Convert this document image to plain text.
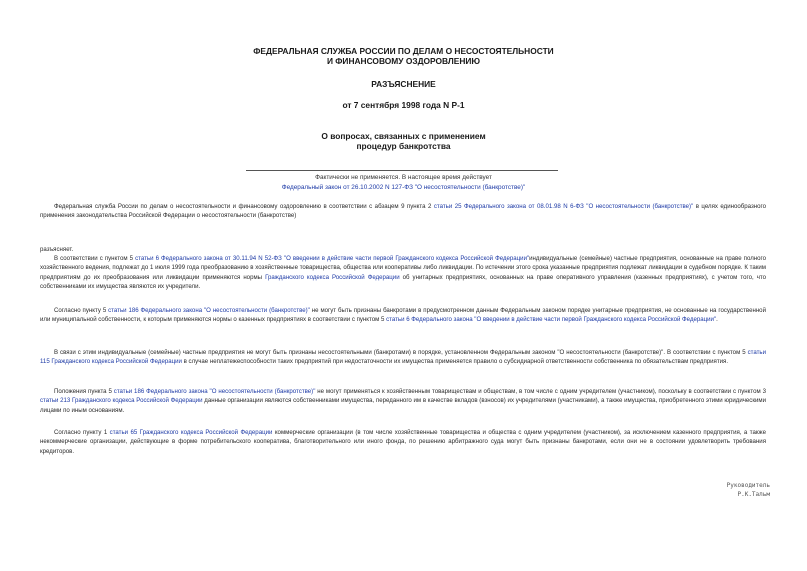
ФЕДЕРАЛЬНАЯ СЛУЖБА РОССИИ ПО ДЕЛАМ О НЕСОСТОЯТЕЛЬНОСТИ
И ФИНАНСОВОМУ ОЗДОРОВЛЕНИЮ
РАЗЪЯСНЕНИЕ
от 7 сентября 1998 года N Р-1
О вопросах, связанных с применением
процедур банкротства
Фактически не применяется. В настоящее время действует
Федеральный закон от 26.10.2002 N 127-ФЗ "О несостоятельности (банкротстве)"

Федеральная служба России по делам о несостоятельности и финансовому оздоровлению в соответствии с абзацем 9 пункта 2 статьи 25 Федерального закона от 08.01.98 N 6-ФЗ "О несостоятельности (банкротстве)" в целях единообразного применения законодательства Российской Федерации о несостоятельности (банкротстве)

разъясняет.

В соответствии с пунктом 5 статьи 6 Федерального закона от 30.11.94 N 52-ФЗ "О введении в действие части первой Гражданского кодекса Российской Федерации"индивидуальные (семейные) частные предприятия, основанные на праве полного хозяйственного ведения, подлежат до 1 июля 1999 года преобразованию в хозяйственные товарищества, общества или кооперативы либо ликвидации. По истечении этого срока указанные предприятия подлежат ликвидации в судебном порядке. К таким предприятиям до их преобразования или ликвидации применяются нормы Гражданского кодекса Российской Федерации об унитарных предприятиях, основанных на праве оперативного управления (казенных предприятиях), с учетом того, что собственниками их имущества являются их учредители.

Согласно пункту 5 статьи 186 Федерального закона "О несостоятельности (банкротстве)" не могут быть признаны банкротами в предусмотренном данным Федеральным законом порядке унитарные предприятия, не основанные на государственной или муниципальной собственности, к которым применяются нормы о казенных предприятиях в соответствии с пунктом 5 статьи 6 Федерального закона "О введении в действие части первой Гражданского кодекса Российской Федерации".

В связи с этим индивидуальные (семейные) частные предприятия не могут быть признаны несостоятельными (банкротами) в порядке, установленном Федеральным законом "О несостоятельности (банкротстве)". В соответствии с пунктом 5 статьи 115 Гражданского кодекса Российской Федерации в случае неплатежеспособности таких предприятий при недостаточности их имущества применяется правило о субсидиарной ответственности собственника по обязательствам предприятия.

Положения пункта 5 статьи 186 Федерального закона "О несостоятельности (банкротстве)" не могут применяться к хозяйственным товариществам и обществам, в том числе с одним учредителем (участником), поскольку в соответствии с пунктом 3 статьи 213 Гражданского кодекса Российской Федерации данные организации являются собственниками имущества, переданного им в качестве вкладов (взносов) их учредителями (участниками), а также имущества, приобретенного этими юридическими лицами по иным основаниям.

Согласно пункту 1 статьи 65 Гражданского кодекса Российской Федерации коммерческие организации (в том числе хозяйственные товарищества и общества с одним учредителем (участником), за исключением казенного предприятия, а также некоммерческие организации, действующие в форме потребительского кооператива, благотворительного или иного фонда, по решению арбитражного суда могут быть признаны банкротами, если они не в состоянии удовлетворить требования кредиторов.

Руководитель
Р.К.Тальм
